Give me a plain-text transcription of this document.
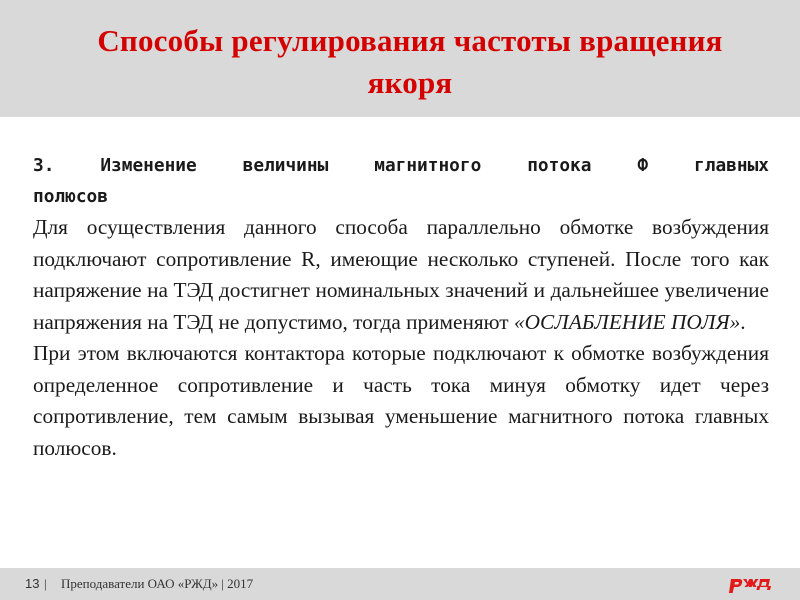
Способы регулирования частоты вращения
якоря
3. Изменение величины магнитного потока Ф главных
полюсов

Для осуществления данного способа параллельно обмотке возбуждения подключают сопротивление R, имеющие несколько ступеней. После того как напряжение на ТЭД достигнет номинальных значений и дальнейшее увеличение напряжения на ТЭД не допустимо, тогда применяют «ОСЛАБЛЕНИЕ ПОЛЯ».

При этом включаются контактора которые подключают к обмотке возбуждения определенное сопротивление и часть тока минуя обмотку идет через сопротивление, тем самым вызывая уменьшение магнитного потока главных полюсов.

13 | Преподаватели ОАО «РЖД» | 2017
